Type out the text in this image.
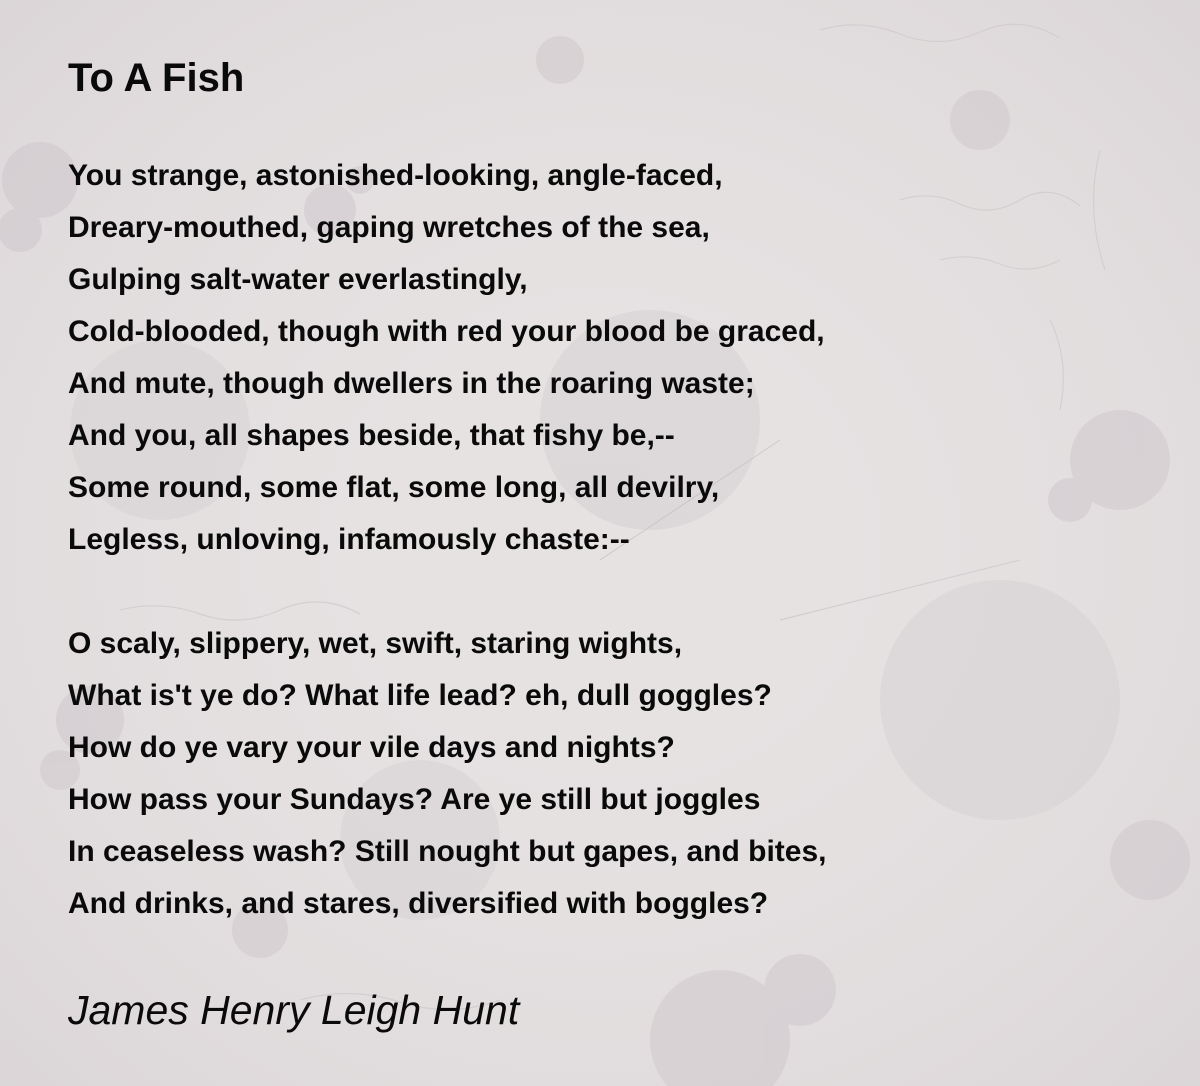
To A Fish
You strange, astonished-looking, angle-faced,
Dreary-mouthed, gaping wretches of the sea,
Gulping salt-water everlastingly,
Cold-blooded, though with red your blood be graced,
And mute, though dwellers in the roaring waste;
And you, all shapes beside, that fishy be,--
Some round, some flat, some long, all devilry,
Legless, unloving, infamously chaste:--
O scaly, slippery, wet, swift, staring wights,
What is't ye do? What life lead? eh, dull goggles?
How do ye vary your vile days and nights?
How pass your Sundays? Are ye still but joggles
In ceaseless wash? Still nought but gapes, and bites,
And drinks, and stares, diversified with boggles?

James Henry Leigh Hunt
